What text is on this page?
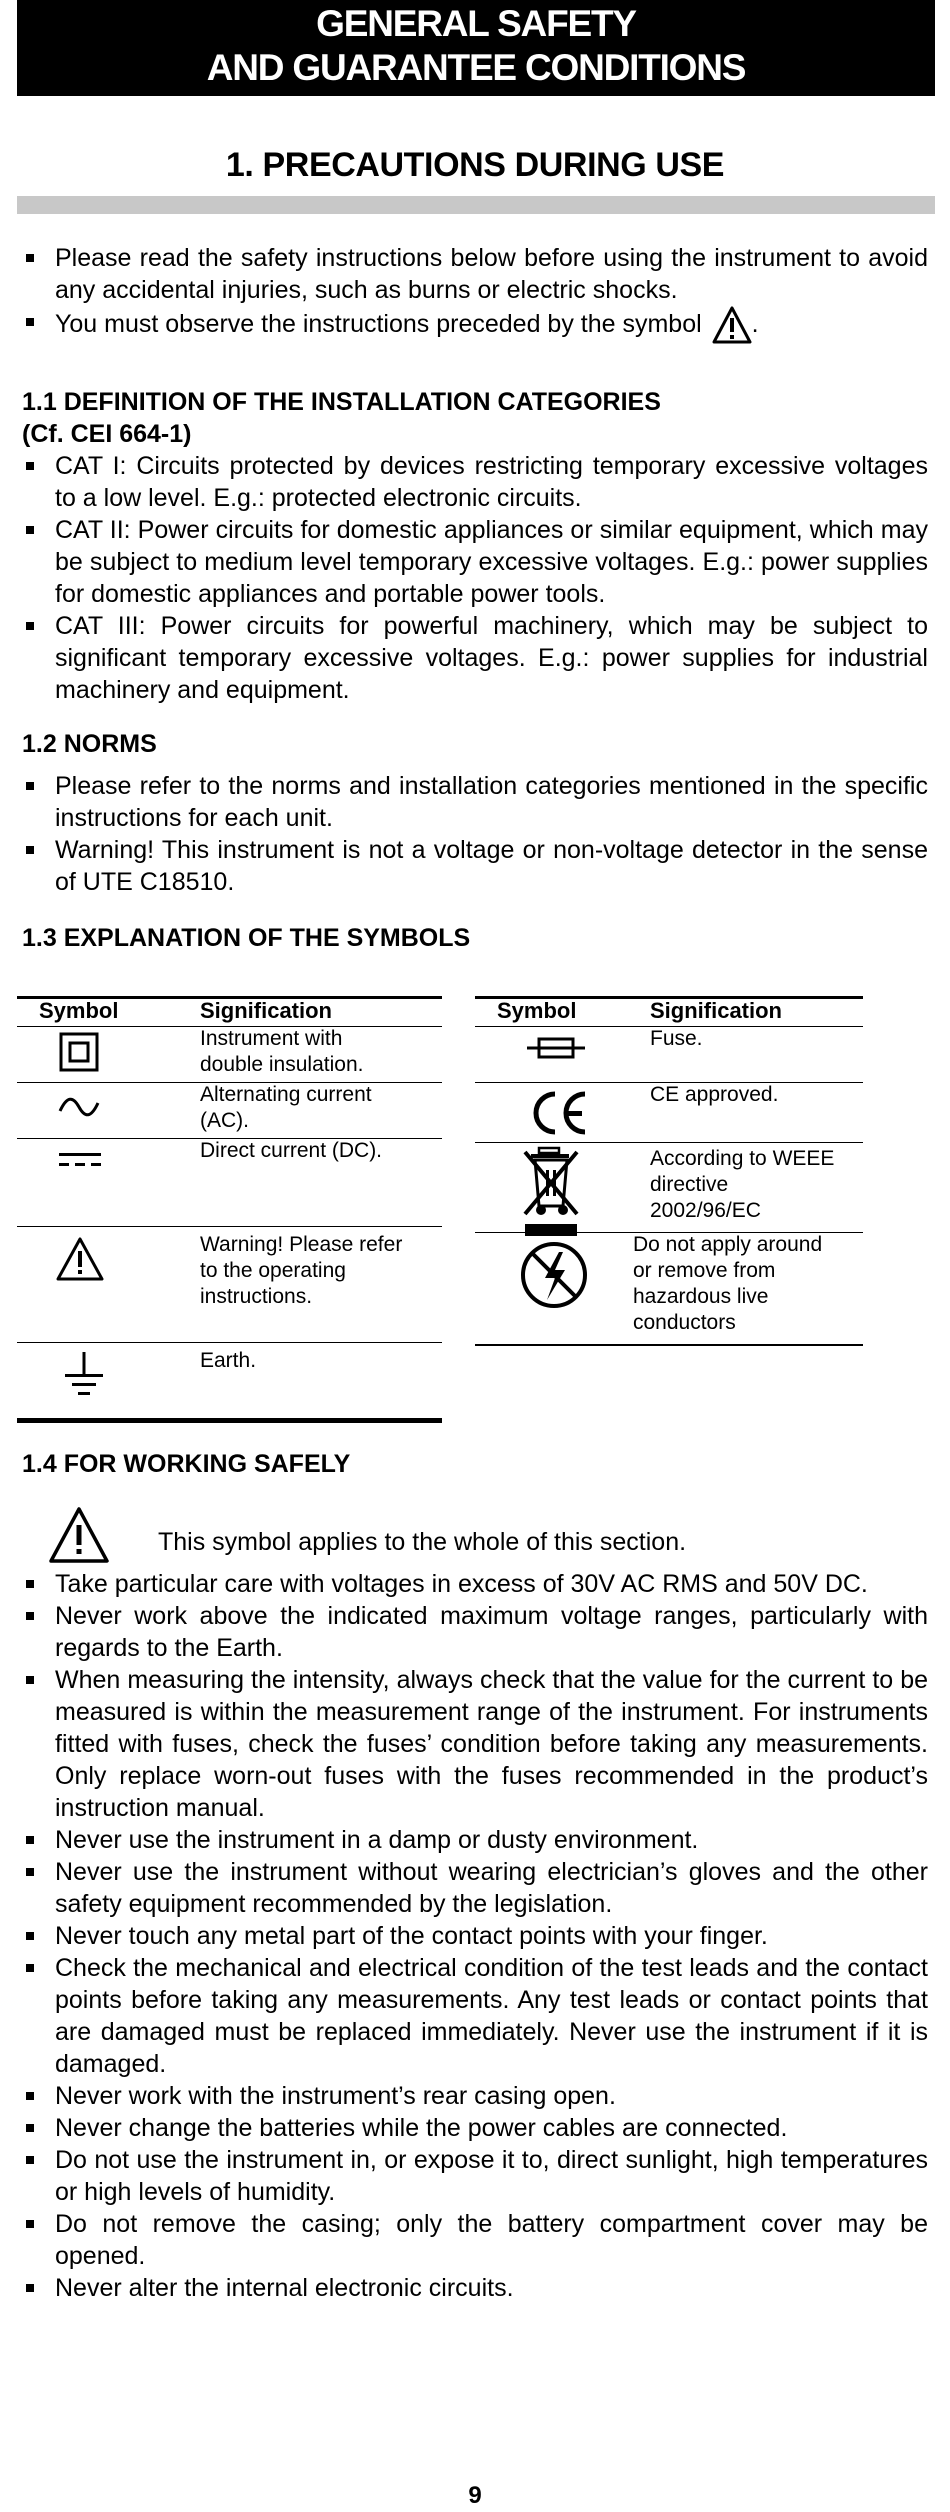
GENERAL SAFETY
AND GUARANTEE CONDITIONS
1. PRECAUTIONS DURING USE
Please read the safety instructions below before using the instrument to avoid any accidental injuries, such as burns or electric shocks.
You must observe the instructions preceded by the symbol .
1.1 DEFINITION OF THE INSTALLATION CATEGORIES
(Cf. CEI 664-1)
CAT I: Circuits protected by devices restricting temporary excessive voltages to a low level. E.g.: protected electronic circuits.
CAT II: Power circuits for domestic appliances or similar equipment, which may be subject to medium level temporary excessive voltages. E.g.: power supplies for domestic appliances and portable power tools.
CAT III: Power circuits for powerful machinery, which may be subject to significant temporary excessive voltages. E.g.: power supplies for industrial machinery and equipment.
1.2 NORMS
Please refer to the norms and installation categories mentioned in the specific instructions for each unit.
Warning! This instrument is not a voltage or non-voltage detector in the sense of UTE C18510.
1.3 EXPLANATION OF THE SYMBOLS
Symbol	Signification
Instrument with
double insulation.
Alternating current
(AC).
Direct current (DC).
Warning! Please refer
to the operating
instructions.
Earth.
Symbol	Signification
Fuse.
CE approved.
According to WEEE
directive
2002/96/EC
Do not apply around
or remove from
hazardous live
conductors
1.4 FOR WORKING SAFELY
This symbol applies to the whole of this section.
Take particular care with voltages in excess of 30V AC RMS and 50V DC.
Never work above the indicated maximum voltage ranges, particularly with regards to the Earth.
When measuring the intensity, always check that the value for the current to be measured is within the measurement range of the instrument. For instruments fitted with fuses, check the fuses’ condition before taking any measurements. Only replace worn-out fuses with the fuses recommended in the product’s instruction manual.
Never use the instrument in a damp or dusty environment.
Never use the instrument without wearing electrician’s gloves and the other safety equipment recommended by the legislation.
Never touch any metal part of the contact points with your finger.
Check the mechanical and electrical condition of the test leads and the contact points before taking any measurements. Any test leads or contact points that are damaged must be replaced immediately. Never use the instrument if it is damaged.
Never work with the instrument’s rear casing open.
Never change the batteries while the power cables are connected.
Do not use the instrument in, or expose it to, direct sunlight, high temperatures or high levels of humidity.
Do not remove the casing; only the battery compartment cover may be opened.
Never alter the internal electronic circuits.
9
